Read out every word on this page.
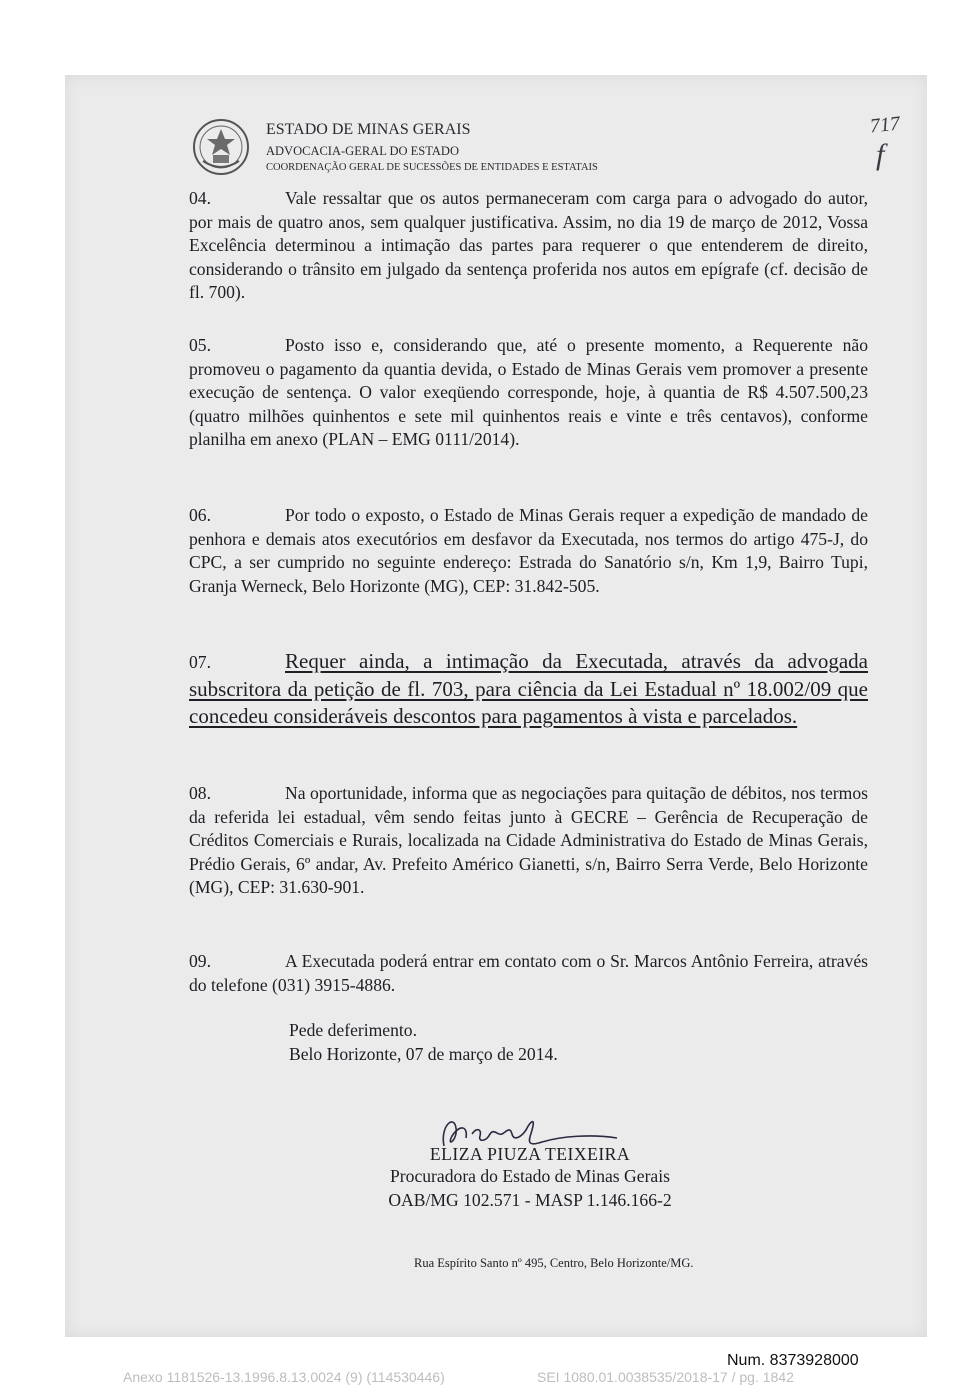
ESTADO DE MINAS GERAIS
ADVOCACIA-GERAL DO ESTADO
COORDENAÇÃO GERAL DE SUCESSÕES DE ENTIDADES E ESTATAIS
717
f

04.	Vale ressaltar que os autos permaneceram com carga para o advogado do autor, por mais de quatro anos, sem qualquer justificativa. Assim, no dia 19 de março de 2012, Vossa Excelência determinou a intimação das partes para requerer o que entenderem de direito, considerando o trânsito em julgado da sentença proferida nos autos em epígrafe (cf. decisão de fl. 700).

05.	Posto isso e, considerando que, até o presente momento, a Requerente não promoveu o pagamento da quantia devida, o Estado de Minas Gerais vem promover a presente execução de sentença. O valor exeqüendo corresponde, hoje, à quantia de R$ 4.507.500,23 (quatro milhões quinhentos e sete mil quinhentos reais e vinte e três centavos), conforme planilha em anexo (PLAN – EMG 0111/2014).

06.	Por todo o exposto, o Estado de Minas Gerais requer a expedição de mandado de penhora e demais atos executórios em desfavor da Executada, nos termos do artigo 475-J, do CPC, a ser cumprido no seguinte endereço: Estrada do Sanatório s/n, Km 1,9, Bairro Tupi, Granja Werneck, Belo Horizonte (MG), CEP: 31.842-505.

07.	Requer ainda, a intimação da Executada, através da advogada subscritora da petição de fl. 703, para ciência da Lei Estadual nº 18.002/09 que concedeu consideráveis descontos para pagamentos à vista e parcelados.

08.	Na oportunidade, informa que as negociações para quitação de débitos, nos termos da referida lei estadual, vêm sendo feitas junto à GECRE – Gerência de Recuperação de Créditos Comerciais e Rurais, localizada na Cidade Administrativa do Estado de Minas Gerais, Prédio Gerais, 6º andar, Av. Prefeito Américo Gianetti, s/n, Bairro Serra Verde, Belo Horizonte (MG), CEP: 31.630-901.

09.	A Executada poderá entrar em contato com o Sr. Marcos Antônio Ferreira, através do telefone (031) 3915-4886.

Pede deferimento.
Belo Horizonte, 07 de março de 2014.
ELIZA PIUZA TEIXEIRA
Procuradora do Estado de Minas Gerais
OAB/MG 102.571 - MASP 1.146.166-2
Rua Espírito Santo nº 495, Centro, Belo Horizonte/MG.
Num. 8373928000
Anexo 1181526-13.1996.8.13.0024 (9) (114530446)	SEI 1080.01.0038535/2018-17 / pg. 1842
